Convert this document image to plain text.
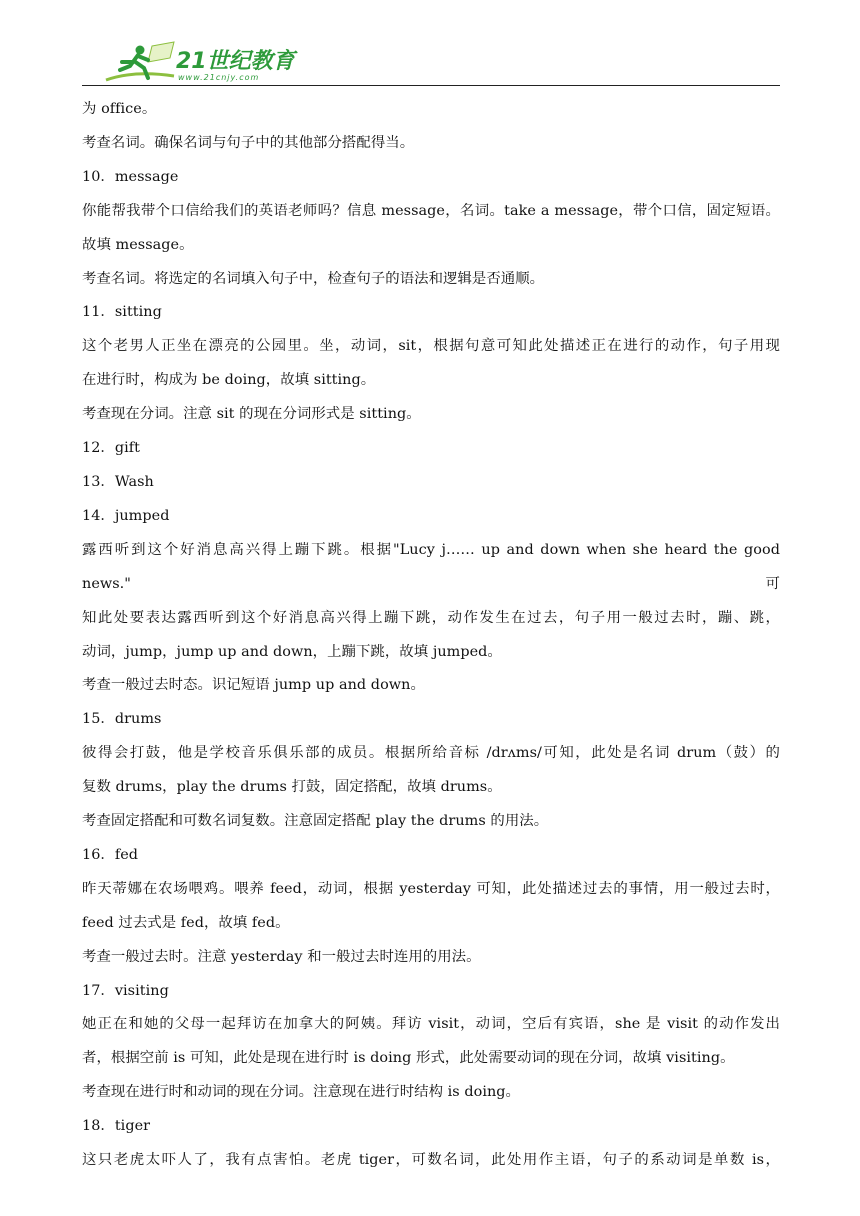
21世纪教育
www.21cnjy.com
为 office。
考查名词。确保名词与句子中的其他部分搭配得当。
10．message
你能帮我带个口信给我们的英语老师吗？信息 message，名词。take a message，带个口信，固定短语。
故填 message。
考查名词。将选定的名词填入句子中，检查句子的语法和逻辑是否通顺。
11．sitting
这个老男人正坐在漂亮的公园里。坐，动词，sit，根据句意可知此处描述正在进行的动作，句子用现
在进行时，构成为 be doing，故填 sitting。
考查现在分词。注意 sit 的现在分词形式是 sitting。
12．gift
13．Wash
14．jumped
露西听到这个好消息高兴得上蹦下跳。根据"Lucy j…… up and down when she heard the good news."可
知此处要表达露西听到这个好消息高兴得上蹦下跳，动作发生在过去，句子用一般过去时，蹦、跳，
动词，jump，jump up and down，上蹦下跳，故填 jumped。
考查一般过去时态。识记短语 jump up and down。
15．drums
彼得会打鼓，他是学校音乐俱乐部的成员。根据所给音标 /drʌms/可知，此处是名词 drum（鼓）的
复数 drums，play the drums 打鼓，固定搭配，故填 drums。
考查固定搭配和可数名词复数。注意固定搭配 play the drums 的用法。
16．fed
昨天蒂娜在农场喂鸡。喂养 feed，动词，根据 yesterday 可知，此处描述过去的事情，用一般过去时，
feed 过去式是 fed，故填 fed。
考查一般过去时。注意 yesterday 和一般过去时连用的用法。
17．visiting
她正在和她的父母一起拜访在加拿大的阿姨。拜访 visit，动词，空后有宾语，she 是 visit 的动作发出
者，根据空前 is 可知，此处是现在进行时 is doing 形式，此处需要动词的现在分词，故填 visiting。
考查现在进行时和动词的现在分词。注意现在进行时结构 is doing。
18．tiger
这只老虎太吓人了，我有点害怕。老虎 tiger，可数名词，此处用作主语，句子的系动词是单数 is，
